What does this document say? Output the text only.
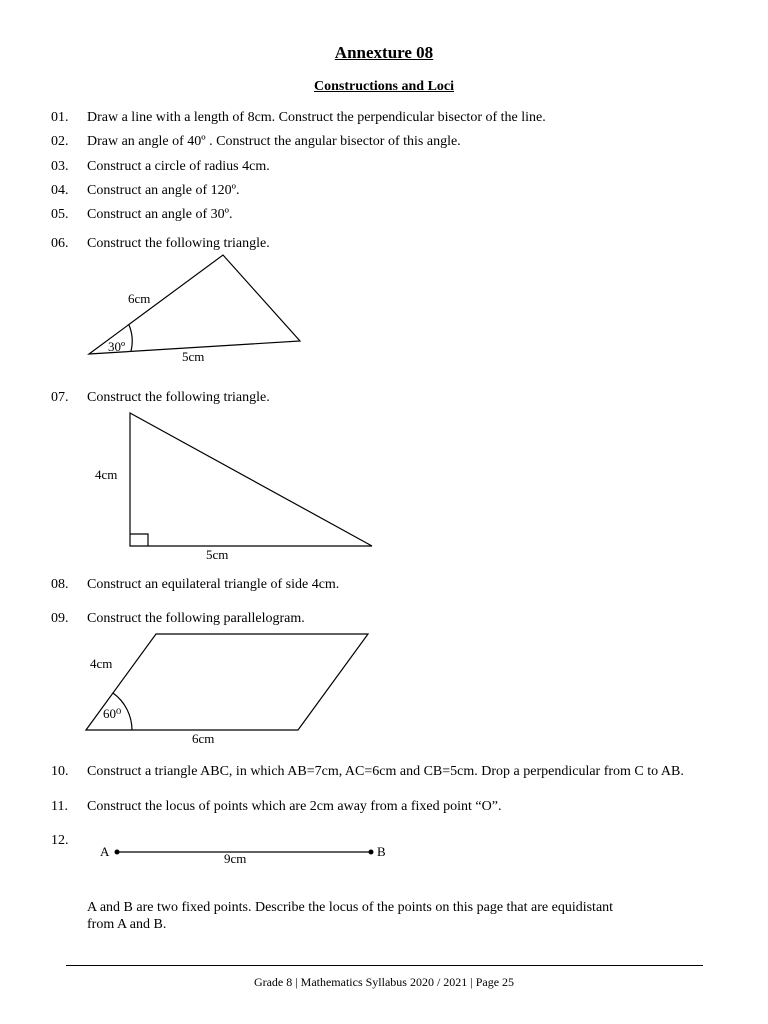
Annexture 08
Constructions and Loci
01. Draw a line with a length of 8cm. Construct the perpendicular bisector of the line.
02. Draw an angle of 40º . Construct the angular bisector of this angle.
03. Construct a circle of radius 4cm.
04. Construct an angle of 120º.
05. Construct an angle of 30º.
06. Construct the following triangle.
07. Construct the following triangle.
08. Construct an equilateral triangle of side 4cm.
09. Construct the following parallelogram.
10. Construct a triangle ABC, in which AB=7cm, AC=6cm and CB=5cm. Drop a perpendicular from C to AB.
11. Construct the locus of points which are 2cm away from a fixed point “O”.
12.
A and B are two fixed points. Describe the locus of the points on this page that are equidistant
from A and B.
6cm
30º
5cm
4cm
5cm
4cm
60⁰
6cm
A	B
9cm
Grade 8 | Mathematics Syllabus 2020 / 2021 | Page 25
